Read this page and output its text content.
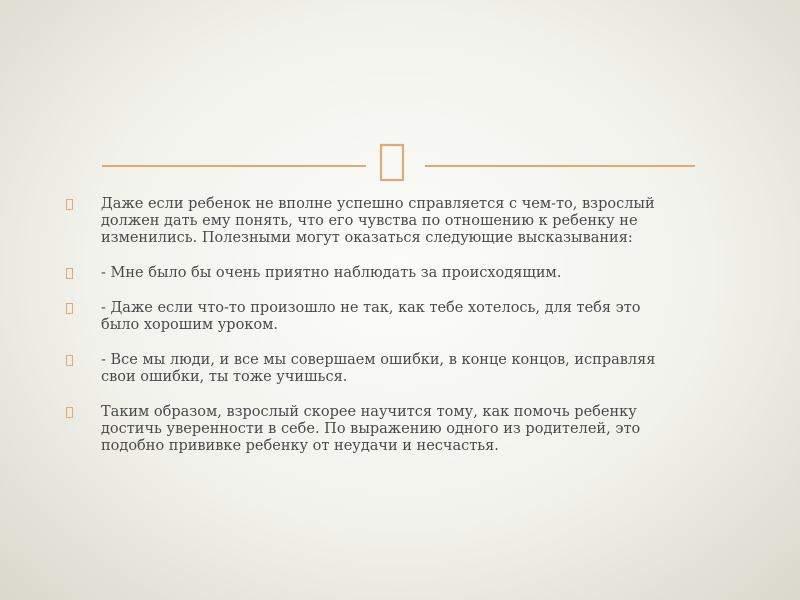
Даже если ребенок не вполне успешно справляется с чем-то, взрослый
должен дать ему понять, что его чувства по отношению к ребенку не
изменились. Полезными могут оказаться следующие высказывания:
- Мне было бы очень приятно наблюдать за происходящим.
- Даже если что-то произошло не так, как тебе хотелось, для тебя это
было хорошим уроком.
- Все мы люди, и все мы совершаем ошибки, в конце концов, исправляя
свои ошибки, ты тоже учишься.
Таким образом, взрослый скорее научится тому, как помочь ребенку
достичь уверенности в себе. По выражению одного из родителей, это
подобно прививке ребенку от неудачи и несчастья.
